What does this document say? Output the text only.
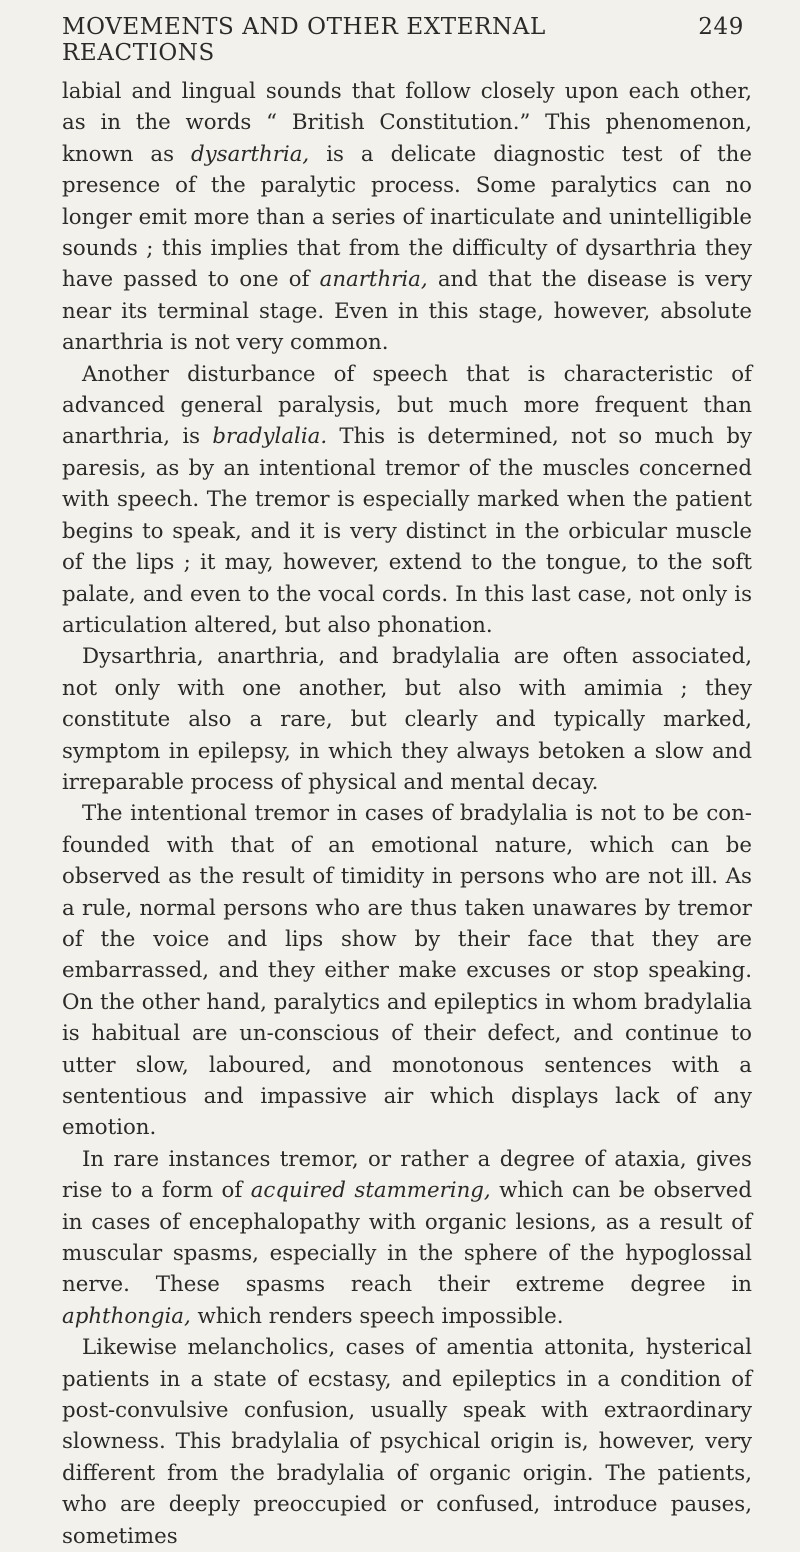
MOVEMENTS AND OTHER EXTERNAL REACTIONS
249

labial and lingual sounds that follow closely upon each other, as in the words “ British Constitution.” This phenomenon, known as dysarthria, is a delicate diagnostic test of the presence of the paralytic process. Some paralytics can no longer emit more than a series of inarticulate and unintelligible sounds ; this implies that from the difficulty of dysarthria they have passed to one of anarthria, and that the disease is very near its terminal stage. Even in this stage, however, absolute anarthria is not very common.

Another disturbance of speech that is characteristic of advanced general paralysis, but much more frequent than anarthria, is bradylalia. This is determined, not so much by paresis, as by an intentional tremor of the muscles concerned with speech. The tremor is especially marked when the patient begins to speak, and it is very distinct in the orbicular muscle of the lips ; it may, however, extend to the tongue, to the soft palate, and even to the vocal cords. In this last case, not only is articulation altered, but also phonation.

Dysarthria, anarthria, and bradylalia are often associated, not only with one another, but also with amimia ; they constitute also a rare, but clearly and typically marked, symptom in epilepsy, in which they always betoken a slow and irreparable process of physical and mental decay.

The intentional tremor in cases of bradylalia is not to be con-founded with that of an emotional nature, which can be observed as the result of timidity in persons who are not ill. As a rule, normal persons who are thus taken unawares by tremor of the voice and lips show by their face that they are embarrassed, and they either make excuses or stop speaking. On the other hand, paralytics and epileptics in whom bradylalia is habitual are un-conscious of their defect, and continue to utter slow, laboured, and monotonous sentences with a sententious and impassive air which displays lack of any emotion.

In rare instances tremor, or rather a degree of ataxia, gives rise to a form of acquired stammering, which can be observed in cases of encephalopathy with organic lesions, as a result of muscular spasms, especially in the sphere of the hypoglossal nerve. These spasms reach their extreme degree in aphthongia, which renders speech impossible.

Likewise melancholics, cases of amentia attonita, hysterical patients in a state of ecstasy, and epileptics in a condition of post-convulsive confusion, usually speak with extraordinary slowness. This bradylalia of psychical origin is, however, very different from the bradylalia of organic origin. The patients, who are deeply preoccupied or confused, introduce pauses, sometimes
